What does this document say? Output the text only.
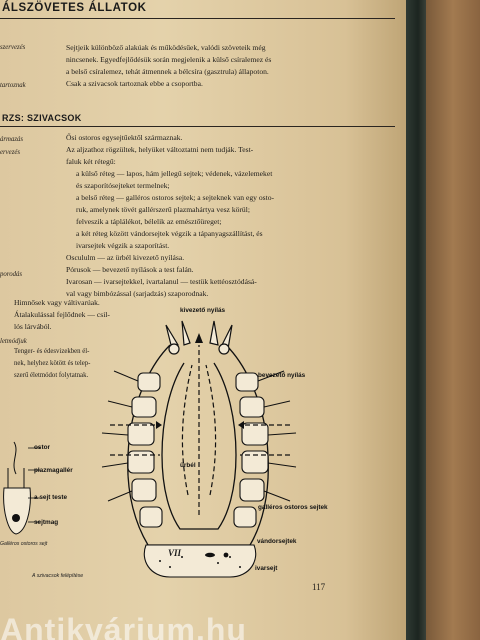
ÁLSZÖVETES ÁLLATOK
szervezés
tartoznak
Sejtjeik különböző alakúak és működésűek, valódi szöveteik még
nincsenek. Egyedfejlődésük során megjelenik a külső csíralemez és
a belső csíralemez, tehát átmennek a bélcsíra (gasztrula) állapoton.
Csak a szivacsok tartoznak ebbe a csoportba.
RZS: SZIVACSOK
ármazás
ervezés
porodás
letmódjuk
Ősi ostoros egysejtűektől származnak.
Az aljzathoz rögzültek, helyüket változtatni nem tudják. Test-
faluk két rétegű:
a külső réteg — lapos, hám jellegű sejtek; védenek, vázelemeket
és szaporítósejteket termelnek;
a belső réteg — galléros ostoros sejtek; a sejteknek van egy osto-
ruk, amelynek tövét gallérszerű plazmahártya vesz körül;
felveszik a táplálékot, bélelik az emésztőüreget;
a két réteg között vándorsejtek végzik a tápanyagszállítást, és
ivarsejtek végzik a szaporítást.
Oscululm — az ürbél kivezető nyílása.
Pórusok — bevezető nyílások a test falán.
Ivarosan — ivarsejtekkel, ivartalanul — testük kettéosztódásá-
val vagy bimbózással (sarjadzás) szaporodnak.
Himnősek vagy váltivarúak.
Átalakulással fejlődnek — csil-
lós lárvából.
Tenger- és édesvizekben él-
nek, helyhez kötött és telep-
szerű életmódot folytatnak.
kivezető nyílás
bevezető nyílás
ürbél
galléros ostoros sejtek
vándorsejtek
ivarsejt
VII
A szivacsok felépítése
ostor
plazmagallér
a sejt teste
sejtmag
Galléros ostoros sejt
117
Antikvárium.hu
